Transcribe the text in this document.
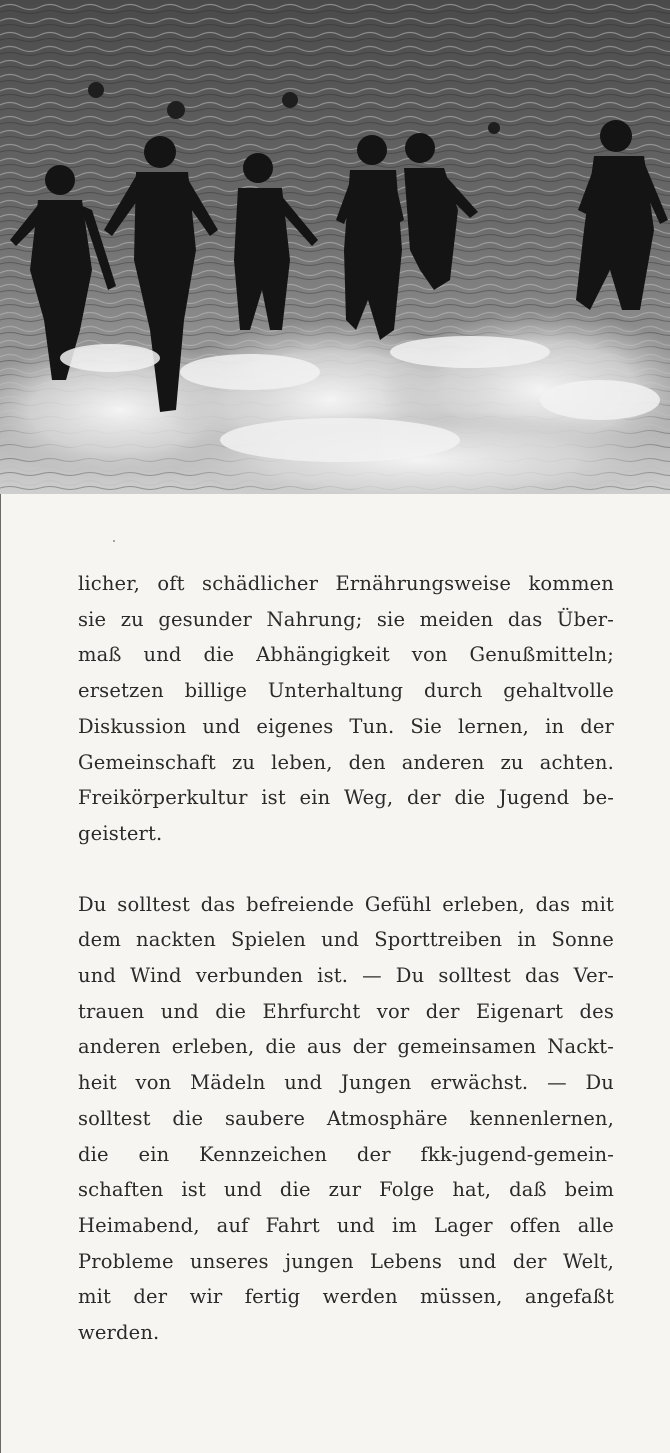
licher, oft schädlicher Ernährungsweise kommen
sie zu gesunder Nahrung; sie meiden das Über-
maß und die Abhängigkeit von Genußmitteln;
ersetzen billige Unterhaltung durch gehaltvolle
Diskussion und eigenes Tun. Sie lernen, in der
Gemeinschaft zu leben, den anderen zu achten.
Freikörperkultur ist ein Weg, der die Jugend be-
geistert.

Du solltest das befreiende Gefühl erleben, das mit
dem nackten Spielen und Sporttreiben in Sonne
und Wind verbunden ist. — Du solltest das Ver-
trauen und die Ehrfurcht vor der Eigenart des
anderen erleben, die aus der gemeinsamen Nackt-
heit von Mädeln und Jungen erwächst. — Du
solltest die saubere Atmosphäre kennenlernen,
die ein Kennzeichen der fkk-jugend-gemein-
schaften ist und die zur Folge hat, daß beim
Heimabend, auf Fahrt und im Lager offen alle
Probleme unseres jungen Lebens und der Welt,
mit der wir fertig werden müssen, angefaßt
werden.
